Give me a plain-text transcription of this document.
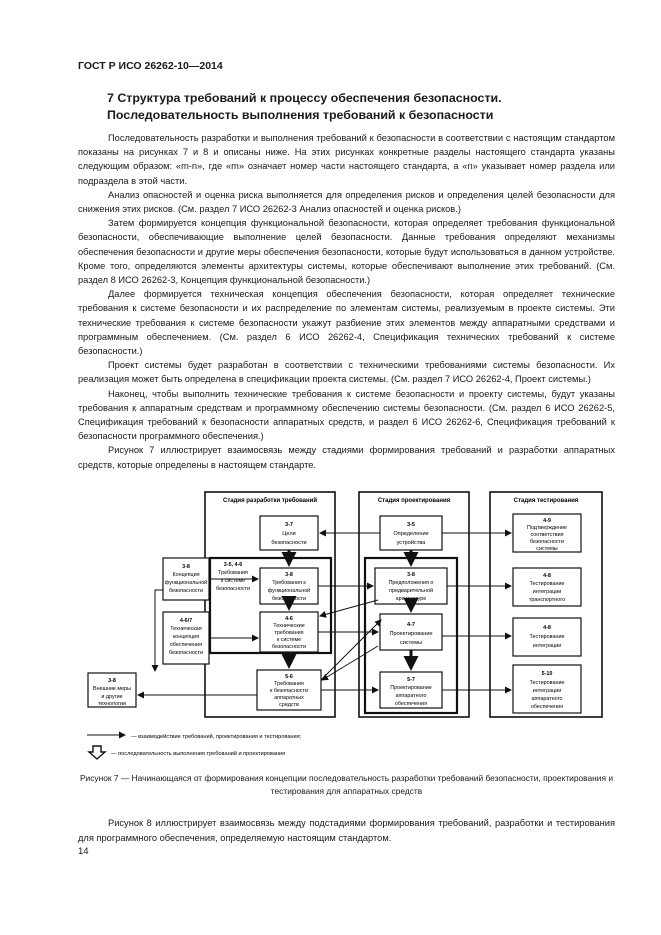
ГОСТ Р ИСО 26262-10—2014
7 Структура требований к процессу обеспечения безопасности.
Последовательность выполнения требований к безопасности

Последовательность разработки и выполнения требований к безопасности в соответствии с настоящим стандартом показаны на рисунках 7 и 8 и описаны ниже. На этих рисунках конкретные разделы настоящего стандарта указаны следующим образом: «m-n», где «m» означает номер части настоящего стандарта, а «n» указывает номер раздела или подраздела в этой части.

Анализ опасностей и оценка риска выполняется для определения рисков и определения целей безопасности для снижения этих рисков. (См. раздел 7 ИСО 26262-3 Анализ опасностей и оценка рисков.)

Затем формируется концепция функциональной безопасности, которая определяет требования функциональной безопасности, обеспечивающие выполнение целей безопасности. Данные требования определяют механизмы обеспечения безопасности и другие меры обеспечения безопасности, которые будут использоваться в данном устройстве. Кроме того, определяются элементы архитектуры системы, которые обеспечивают выполнение этих требований. (См. раздел 8 ИСО 26262-3, Концепция функциональной безопасности.)

Далее формируется техническая концепция обеспечения безопасности, которая определяет технические требования к системе безопасности и их распределение по элементам системы, реализуемым в проекте системы. Эти технические требования к системе безопасности укажут разбиение этих элементов между аппаратными средствами и программным обеспечением. (См. раздел 6 ИСО 26262-4, Спецификация технических требований к системе безопасности.)

Проект системы будет разработан в соответствии с техническими требованиями системы безопасности. Их реализация может быть определена в спецификации проекта системы. (См. раздел 7 ИСО 26262-4, Проект системы.)

Наконец, чтобы выполнить технические требования к системе безопасности и проекту системы, будут указаны требования к аппаратным средствам и программному обеспечению системы безопасности. (См. раздел 6 ИСО 26262-5, Спецификация требований к безопасности аппаратных средств, и раздел 6 ИСО 26262-6, Спецификация требований к безопасности программного обеспечения.)

Рисунок 7 иллюстрирует взаимосвязь между стадиями формирования требований и разработки аппаратных средств, которые определены в настоящем стандарте.

Стадия разработки требований	Стадия проектирования	Стадия тестирования
3-8 Концепция функциональной безопасности
4-6/7 Техническая концепция обеспечения безопасности
3-8 Внешние меры и другие технологии
3-5, 4-6 Требования к системе безопасности
3-7 Цели безопасности
3-8 Требования к функциональной безопасности
4-6 Технические требования к системе безопасности
5-6 Требования к безопасности аппаратных средств
3-5 Определение устройства
3-8 Предположения о предварительной архитектуре
4-7 Проектирование системы
5-7 Проектирование аппаратного обеспечения
4-9 Подтверждение соответствия безопасности системы
4-8 Тестирование интеграции транспортного
4-8 Тестирование интеграции
5-10 Тестирование интеграции аппаратного обеспечения
— взаимодействие требований, проектирования и тестирования;
— последовательность выполнения требований и проектирования
Рисунок 7 — Начинающаяся от формирования концепции последовательность разработки требований безопасности, проектирования и тестирования для аппаратных средств

Рисунок 8 иллюстрирует взаимосвязь между подстадиями формирования требований, разработки и тестирования для программного обеспечения, определяемую настоящим стандартом.

14
